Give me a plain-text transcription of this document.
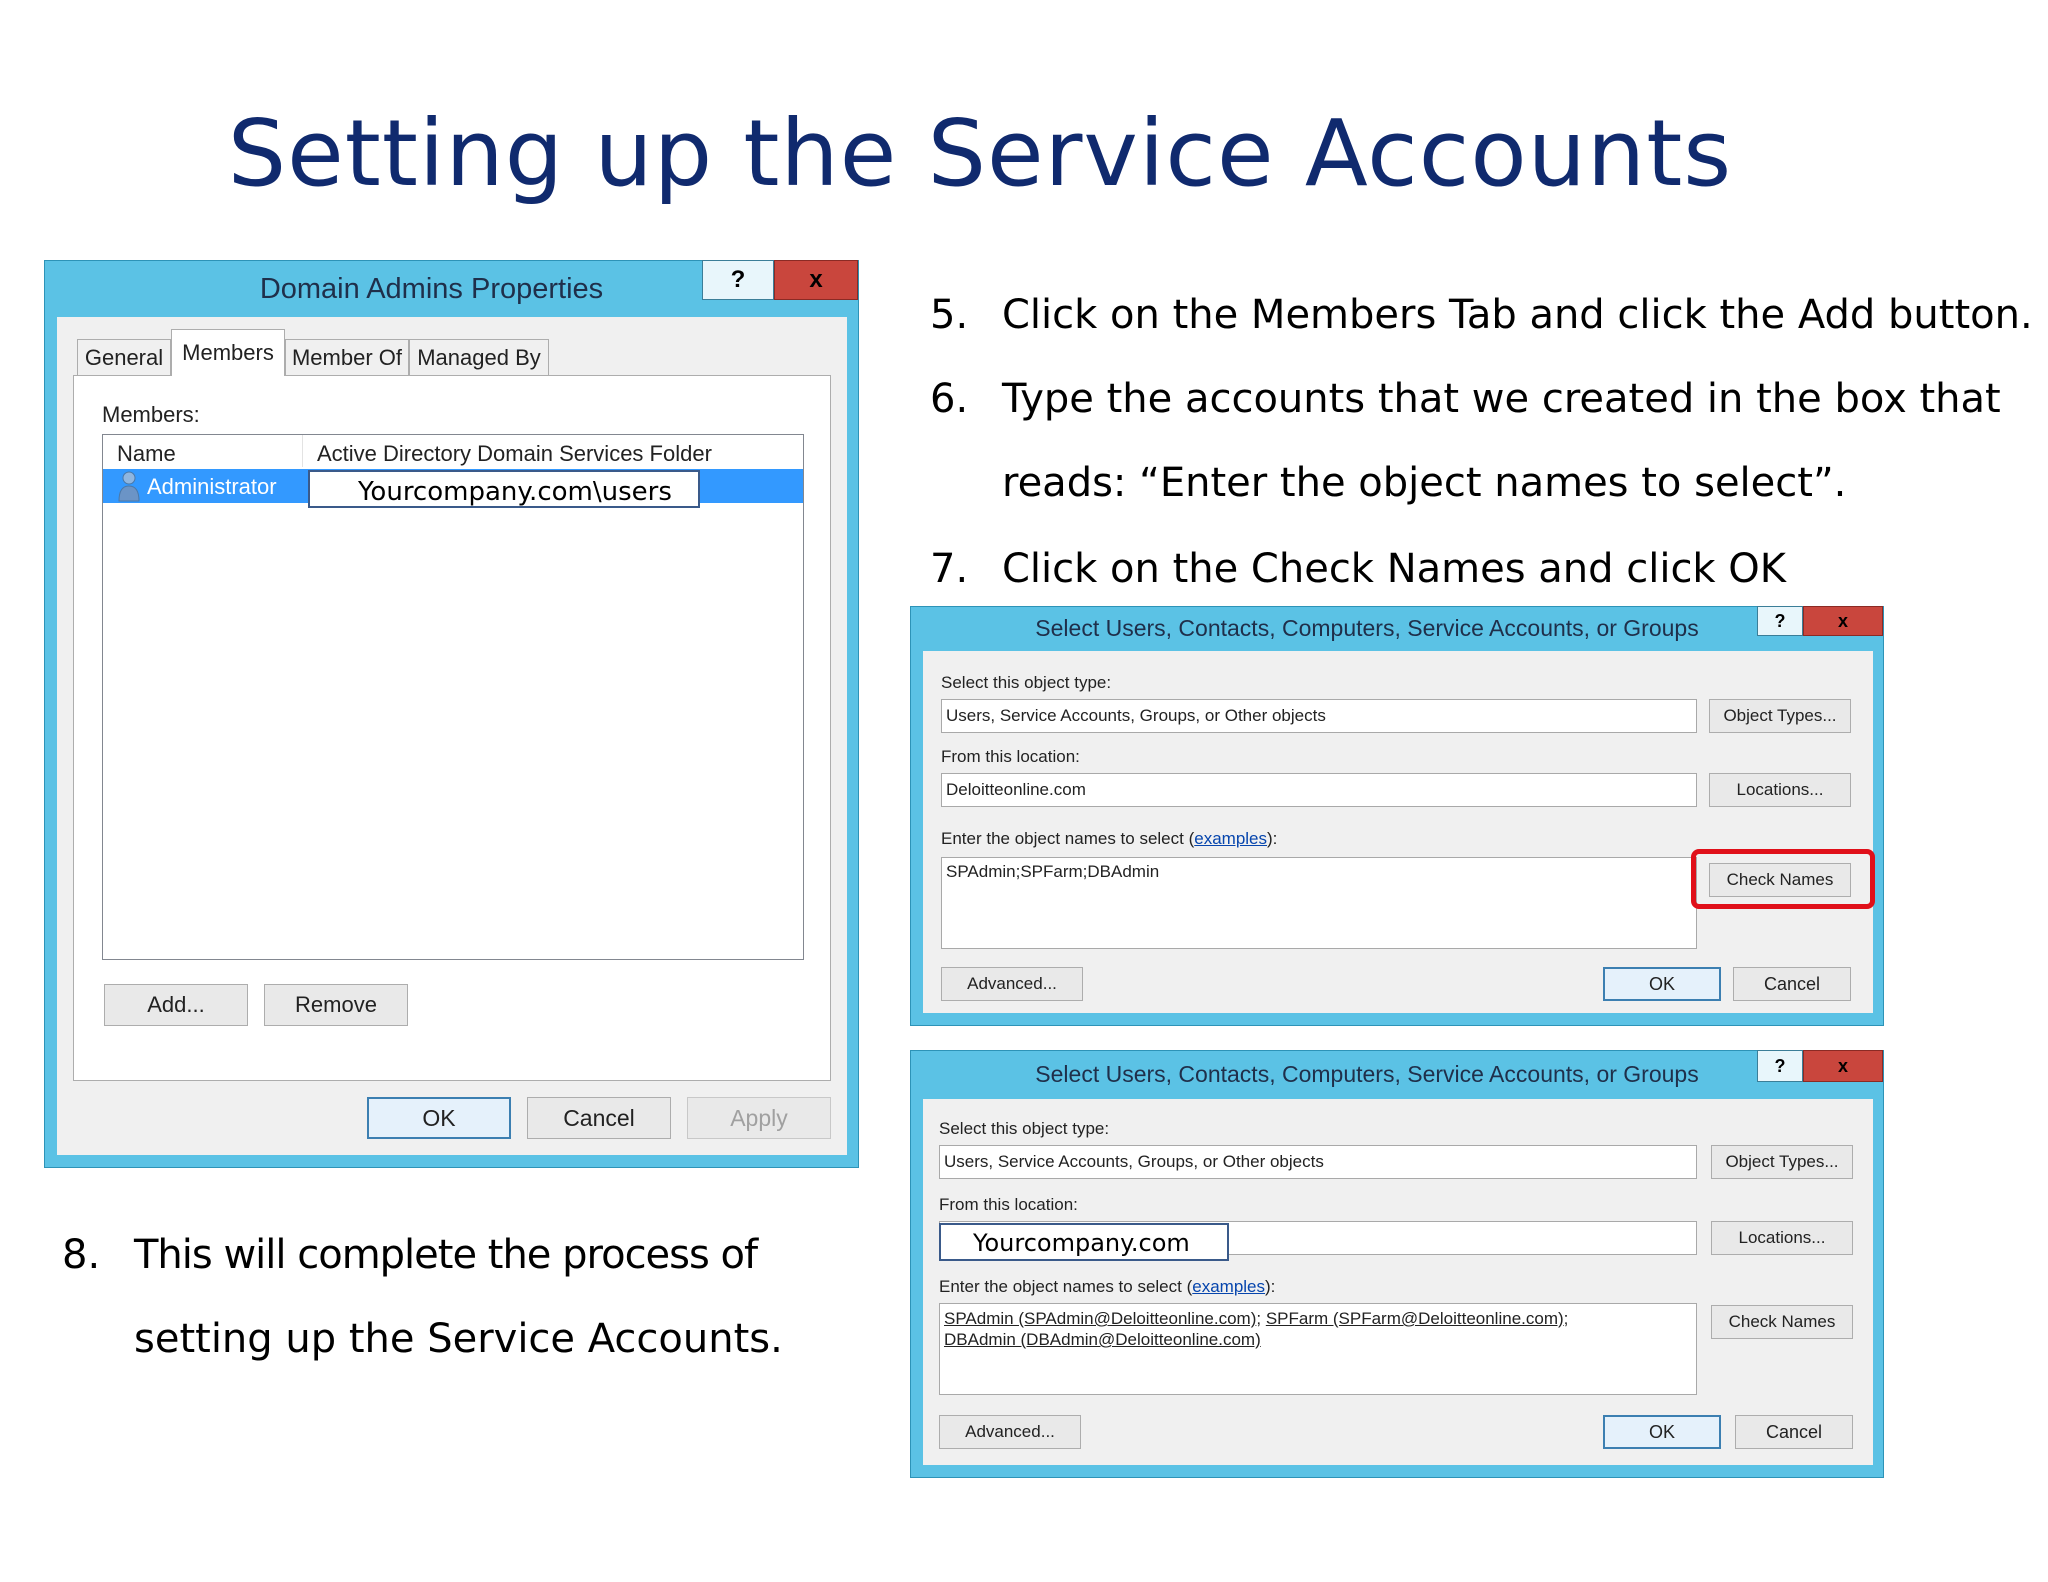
Setting up the Service Accounts
Domain Admins Properties	?	x
General Members Member Of Managed By
Members:
Name	Active Directory Domain Services Folder
Administrator	Yourcompany.com\users
Add...	Remove
OK	Cancel	Apply
5. Click on the Members Tab and click the Add button.
6. Type the accounts that we created in the box that
reads: “Enter the object names to select”.
7. Click on the Check Names and click OK
8. This will complete the process of
setting up the Service Accounts.
Select Users, Contacts, Computers, Service Accounts, or Groups	?	x
Select this object type:
Users, Service Accounts, Groups, or Other objects	Object Types...
From this location:
Deloitteonline.com	Locations...
Enter the object names to select (examples):
SPAdmin;SPFarm;DBAdmin	Check Names
Advanced...	OK	Cancel
Select Users, Contacts, Computers, Service Accounts, or Groups	?	x
Select this object type:
Users, Service Accounts, Groups, or Other objects	Object Types...
From this location:
Yourcompany.com	Locations...
Enter the object names to select (examples):
SPAdmin (SPAdmin@Deloitteonline.com); SPFarm (SPFarm@Deloitteonline.com);
DBAdmin (DBAdmin@Deloitteonline.com)
Check Names
Advanced...	OK	Cancel
